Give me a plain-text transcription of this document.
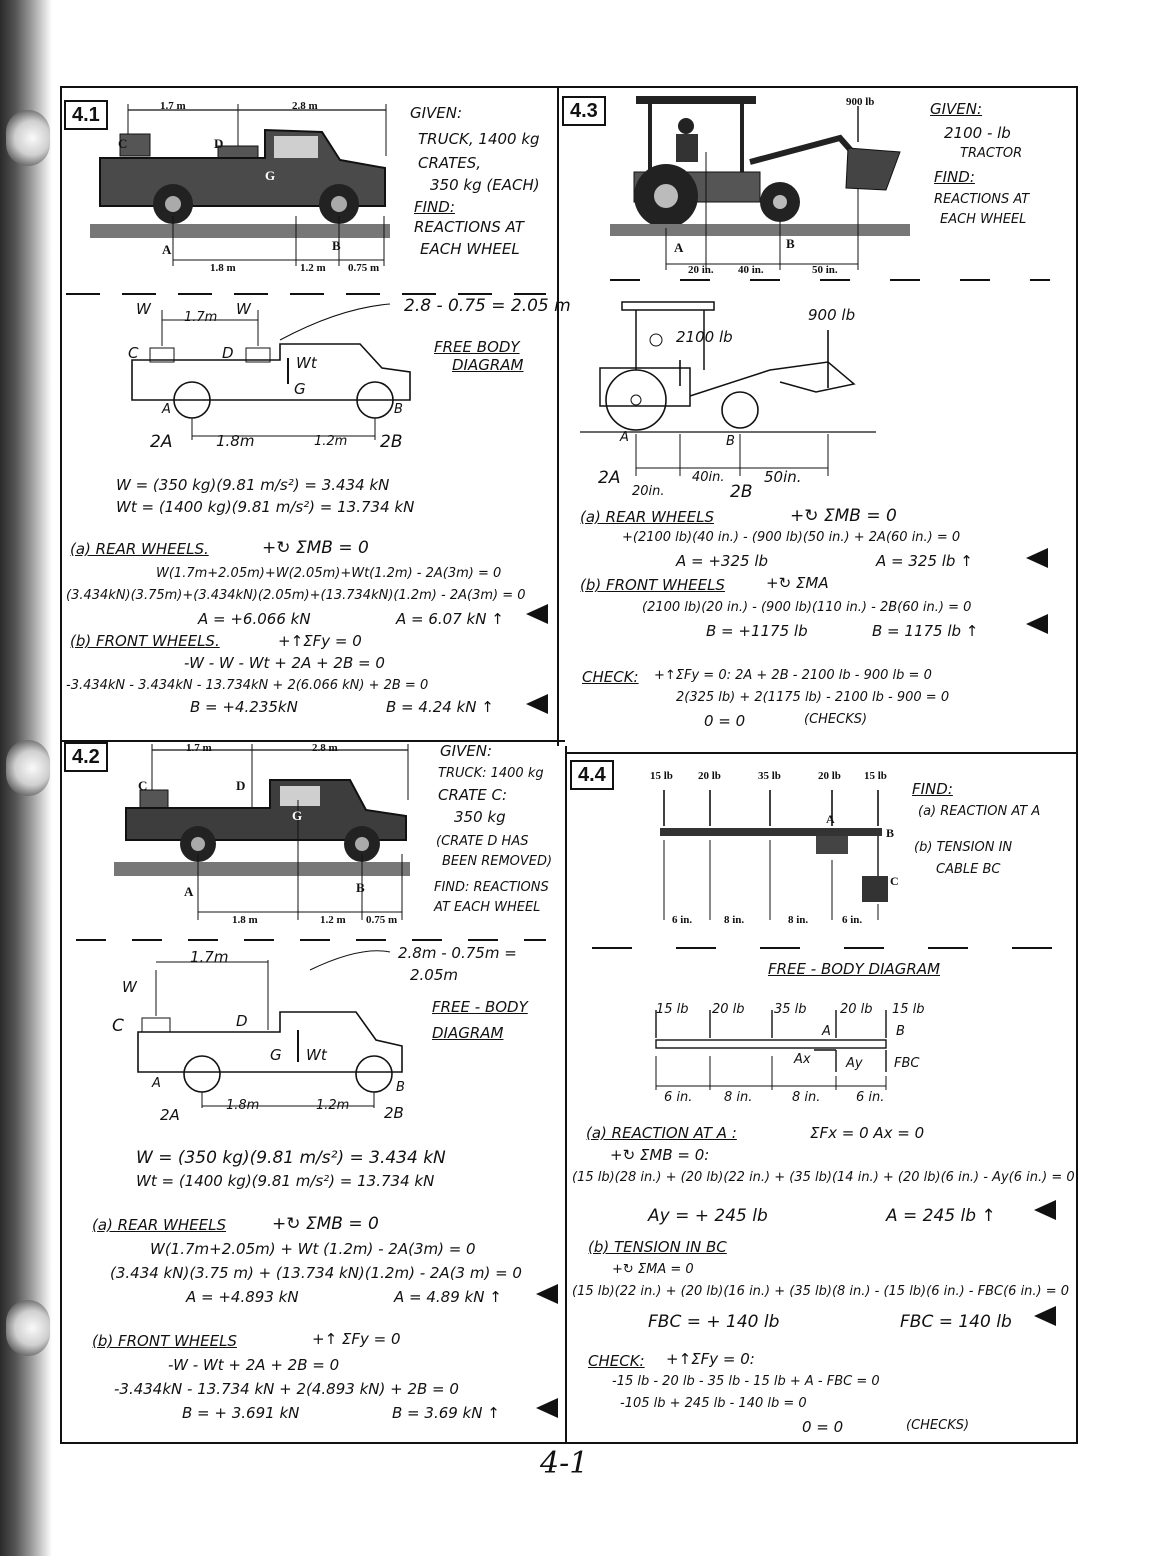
4.1	1.7 m	2.8 m
C	D
G
A	B
1.8 m	1.2 m 0.75 m
GIVEN:
TRUCK, 1400 kg
CRATES,
350 kg (EACH)
FIND:
REACTIONS AT
EACH WHEEL
2.8 - 0.75 = 2.05 m
FREE BODY
DIAGRAM
W	1.7m W
Wt
C	D
G
A	B
2A	1.8m	1.2m 2B
W = (350 kg)(9.81 m/s²) = 3.434 kN
Wt = (1400 kg)(9.81 m/s²) = 13.734 kN
(a) REAR WHEELS.	+↻ ΣMB = 0
W(1.7m+2.05m)+W(2.05m)+Wt(1.2m) - 2A(3m) = 0
(3.434kN)(3.75m)+(3.434kN)(2.05m)+(13.734kN)(1.2m) - 2A(3m) = 0
A = +6.066 kN	A = 6.07 kN ↑
(b) FRONT WHEELS.	+↑ΣFy = 0
-W - W - Wt + 2A + 2B = 0
-3.434kN - 3.434kN - 13.734kN + 2(6.066 kN) + 2B = 0
B = +4.235kN	B = 4.24 kN ↑
4.2	1.7 m	2.8 m
C	D
G
A	B
1.8 m	1.2 m 0.75 m
GIVEN:
TRUCK: 1400 kg
CRATE C:
350 kg
(CRATE D HAS
BEEN REMOVED)
FIND: REACTIONS
AT EACH WHEEL
2.8m - 0.75m =
2.05m
FREE - BODY
DIAGRAM
1.7m
W
C	D
G Wt
A	B
2A
1.8m	1.2m 2B
W = (350 kg)(9.81 m/s²) = 3.434 kN
Wt = (1400 kg)(9.81 m/s²) = 13.734 kN
(a) REAR WHEELS	+↻ ΣMB = 0
W(1.7m+2.05m) + Wt (1.2m) - 2A(3m) = 0
(3.434 kN)(3.75 m) + (13.734 kN)(1.2m) - 2A(3 m) = 0
A = +4.893 kN	A = 4.89 kN ↑
(b) FRONT WHEELS	+↑ ΣFy = 0
-W - Wt + 2A + 2B = 0
-3.434kN - 13.734 kN + 2(4.893 kN) + 2B = 0
B = + 3.691 kN	B = 3.69 kN ↑
4.3	900 lb
A	B
20 in. 40 in.	50 in.
GIVEN:
2100 - lb
TRACTOR
FIND:
REACTIONS AT
EACH WHEEL
900 lb
2100 lb
A	B
2A
20in.
40in.
2B
50in.
(a) REAR WHEELS	+↻ ΣMB = 0
+(2100 lb)(40 in.) - (900 lb)(50 in.) + 2A(60 in.) = 0
A = +325 lb	A = 325 lb ↑
(b) FRONT WHEELS	+↻ ΣMA
(2100 lb)(20 in.) - (900 lb)(110 in.) - 2B(60 in.) = 0
B = +1175 lb	B = 1175 lb ↑
CHECK: +↑ΣFy = 0: 2A + 2B - 2100 lb - 900 lb = 0
2(325 lb) + 2(1175 lb) - 2100 lb - 900 = 0
0 = 0	(CHECKS)
4.4	15 lb 20 lb	35 lb	20 lb 15 lb
A
B
C
6 in.	8 in.	8 in.	6 in.
FIND:
(a) REACTION AT A
(b) TENSION IN
CABLE BC
FREE - BODY DIAGRAM
15 lb 20 lb 35 lb	20 lb 15 lb
A	B
Ax	Ay FBC
6 in. 8 in.	8 in.	6 in.
(a) REACTION AT A :	ΣFx = 0 Ax = 0
+↻ ΣMB = 0:
(15 lb)(28 in.) + (20 lb)(22 in.) + (35 lb)(14 in.) + (20 lb)(6 in.) - Ay(6 in.) = 0
Ay = + 245 lb	A = 245 lb ↑
(b) TENSION IN BC
+↻ ΣMA = 0
(15 lb)(22 in.) + (20 lb)(16 in.) + (35 lb)(8 in.) - (15 lb)(6 in.) - FBC(6 in.) = 0
FBC = + 140 lb	FBC = 140 lb
CHECK: +↑ΣFy = 0:
-15 lb - 20 lb - 35 lb - 15 lb + A - FBC = 0
-105 lb + 245 lb - 140 lb = 0
0 = 0	(CHECKS)
4-1
